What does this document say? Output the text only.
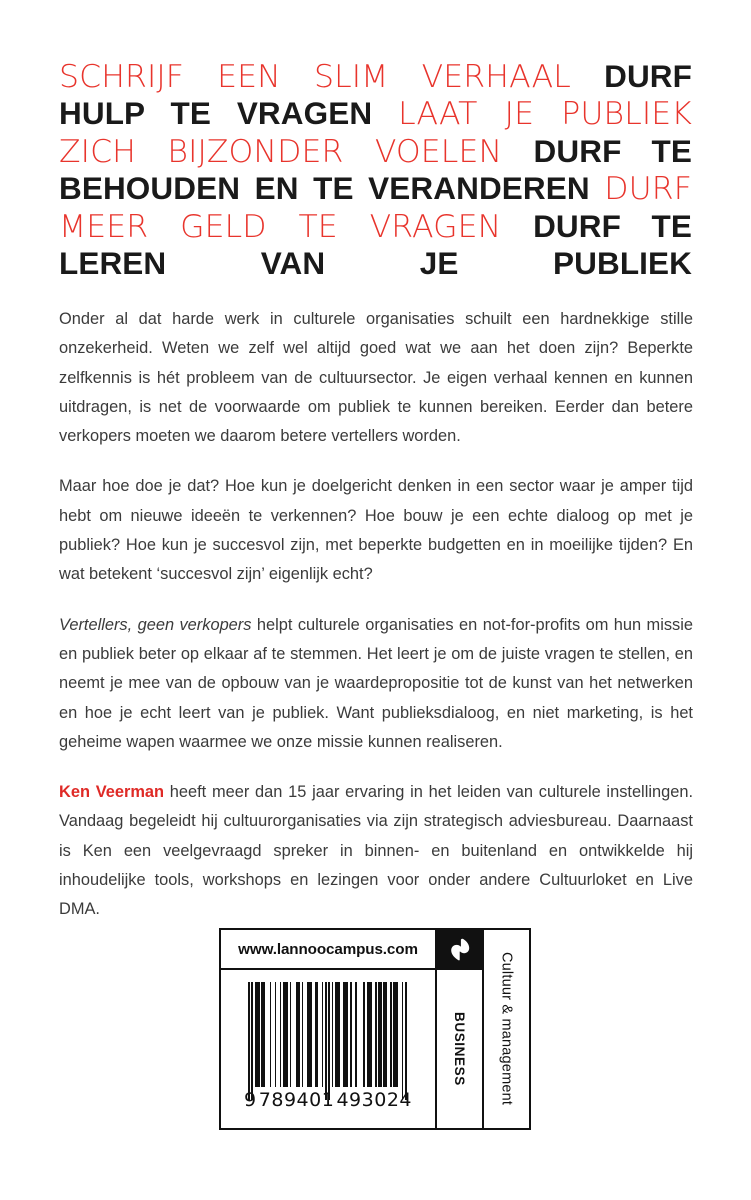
SCHRIJF EEN SLIM VERHAAL DURF HULP TE VRAGEN LAAT JE PUBLIEK ZICH BIJZONDER VOELEN DURF TE BEHOUDEN EN TE VERANDEREN DURF MEER GELD TE VRAGEN DURF TE LEREN VAN JE PUBLIEK

Onder al dat harde werk in culturele organisaties schuilt een hardnekkige stille onzekerheid. Weten we zelf wel altijd goed wat we aan het doen zijn? Beperkte zelfkennis is hét probleem van de cultuursector. Je eigen verhaal kennen en kunnen uitdragen, is net de voorwaarde om publiek te kunnen bereiken. Eerder dan betere verkopers moeten we daarom betere vertellers worden.

Maar hoe doe je dat? Hoe kun je doelgericht denken in een sector waar je amper tijd hebt om nieuwe ideeën te verkennen? Hoe bouw je een echte dialoog op met je publiek? Hoe kun je succesvol zijn, met beperkte budgetten en in moeilijke tijden? En wat betekent ‘succesvol zijn’ eigenlijk echt?

Vertellers, geen verkopers helpt culturele organisaties en not-for-profits om hun missie en publiek beter op elkaar af te stemmen. Het leert je om de juiste vragen te stellen, en neemt je mee van de opbouw van je waardepropositie tot de kunst van het netwerken en hoe je echt leert van je publiek. Want publieksdialoog, en niet marketing, is het geheime wapen waarmee we onze missie kunnen realiseren.

Ken Veerman heeft meer dan 15 jaar ervaring in het leiden van culturele instellingen. Vandaag begeleidt hij cultuurorganisaties via zijn strategisch adviesbureau. Daarnaast is Ken een veelgevraagd spreker in binnen- en buitenland en ontwikkelde hij inhoudelijke tools, workshops en lezingen voor onder andere Cultuurloket en Live DMA.

www.lannoocampus.com
9 789401 493024
BUSINESS	Cultuur & management
